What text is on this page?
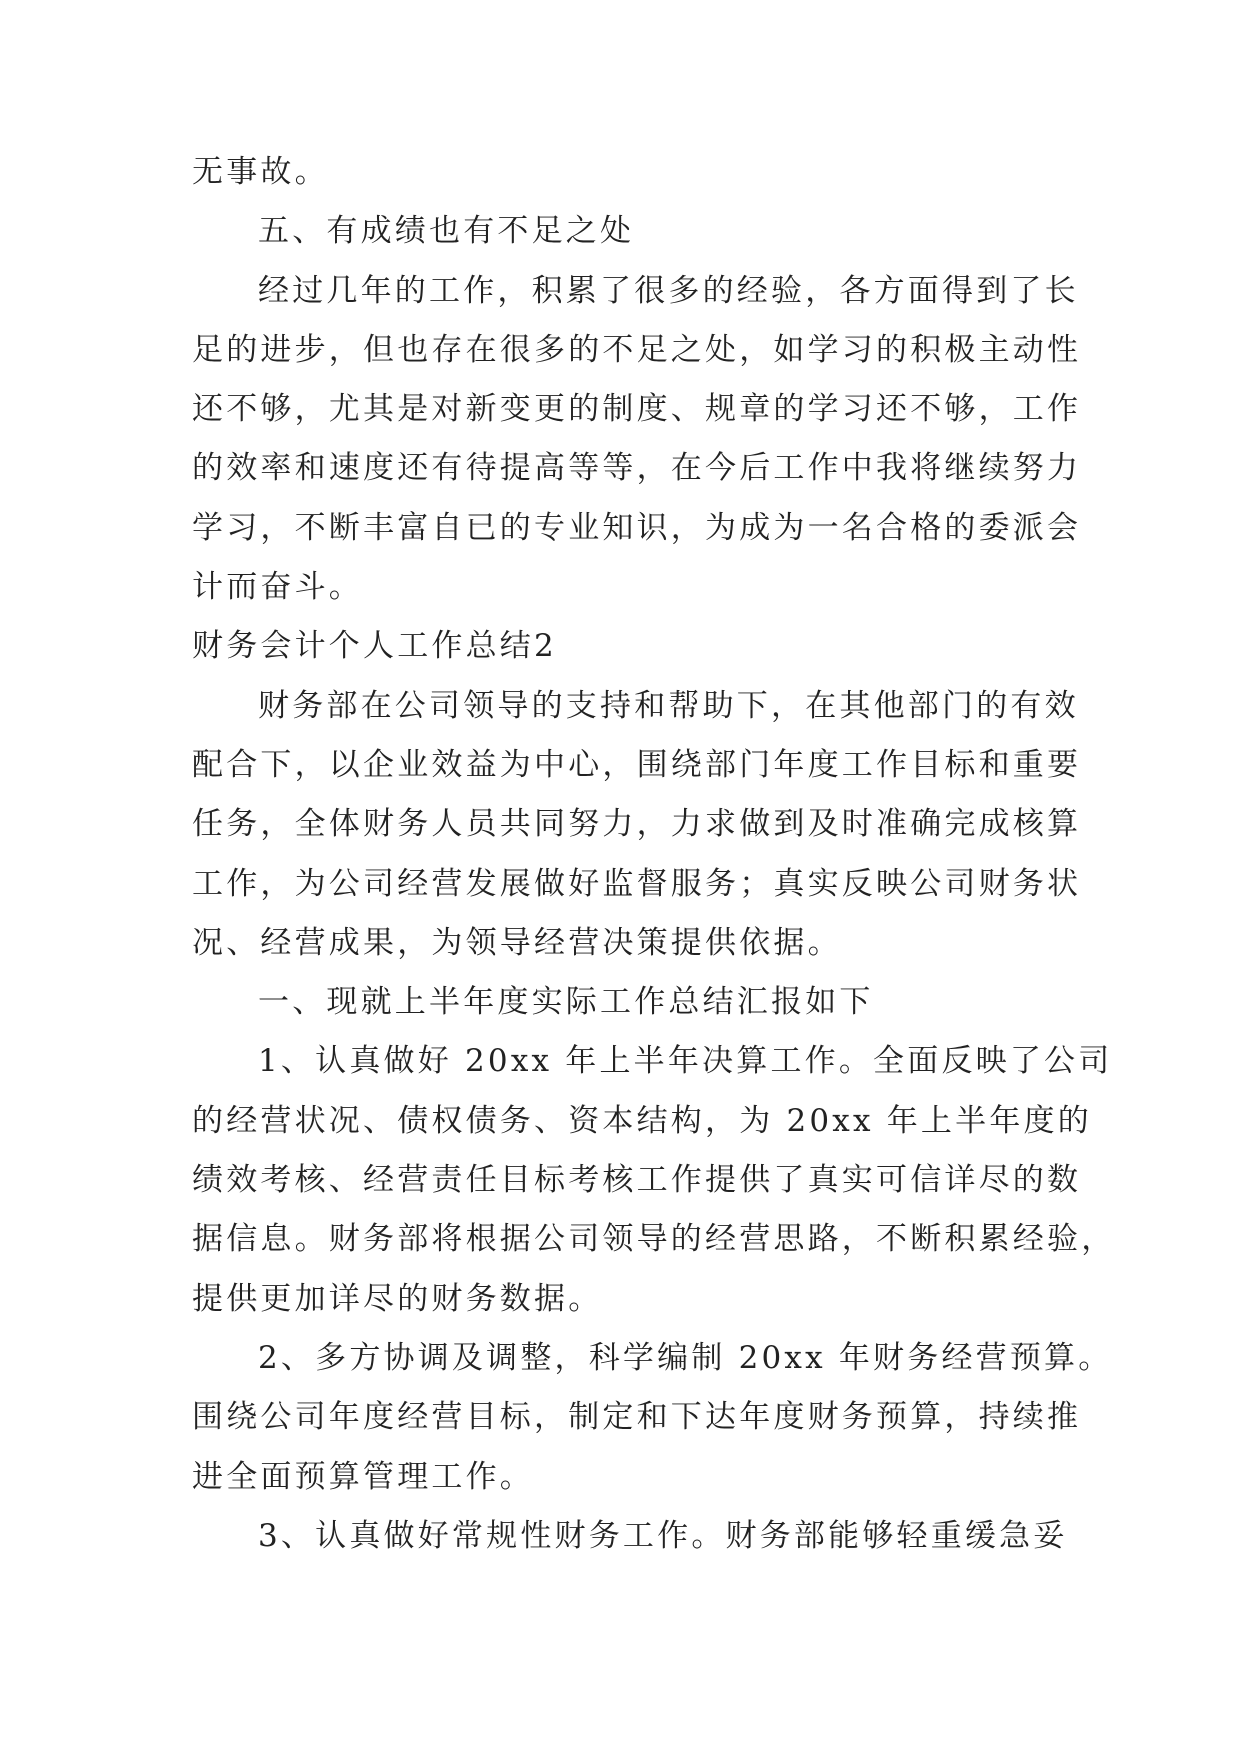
无事故。
五、有成绩也有不足之处
经过几年的工作，积累了很多的经验，各方面得到了长
足的进步，但也存在很多的不足之处，如学习的积极主动性
还不够，尤其是对新变更的制度、规章的学习还不够，工作
的效率和速度还有待提高等等，在今后工作中我将继续努力
学习，不断丰富自已的专业知识，为成为一名合格的委派会
计而奋斗。
财务会计个人工作总结2
财务部在公司领导的支持和帮助下，在其他部门的有效
配合下，以企业效益为中心，围绕部门年度工作目标和重要
任务，全体财务人员共同努力，力求做到及时准确完成核算
工作，为公司经营发展做好监督服务；真实反映公司财务状
况、经营成果，为领导经营决策提供依据。
一、现就上半年度实际工作总结汇报如下
1、认真做好 20xx 年上半年决算工作。全面反映了公司
的经营状况、债权债务、资本结构，为 20xx 年上半年度的
绩效考核、经营责任目标考核工作提供了真实可信详尽的数
据信息。财务部将根据公司领导的经营思路，不断积累经验，
提供更加详尽的财务数据。
2、多方协调及调整，科学编制 20xx 年财务经营预算。
围绕公司年度经营目标，制定和下达年度财务预算，持续推
进全面预算管理工作。
3、认真做好常规性财务工作。财务部能够轻重缓急妥
